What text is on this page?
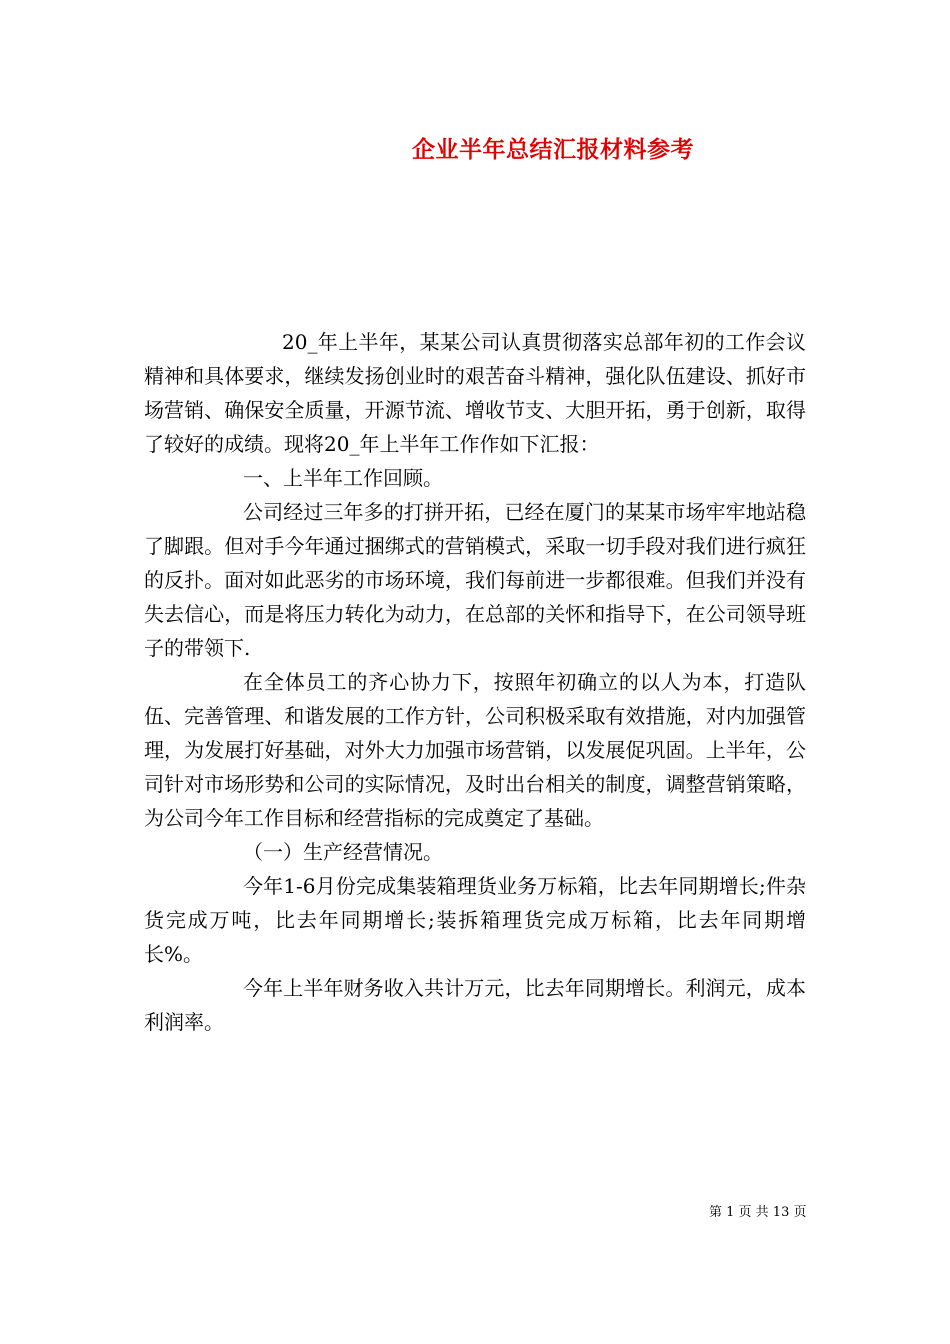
企业半年总结汇报材料参考

20_年上半年，某某公司认真贯彻落实总部年初的工作会议精神和具体要求，继续发扬创业时的艰苦奋斗精神，强化队伍建设、抓好市场营销、确保安全质量，开源节流、增收节支、大胆开拓，勇于创新，取得了较好的成绩。现将20_年上半年工作作如下汇报：

一、上半年工作回顾。

公司经过三年多的打拼开拓，已经在厦门的某某市场牢牢地站稳了脚跟。但对手今年通过捆绑式的营销模式，采取一切手段对我们进行疯狂的反扑。面对如此恶劣的市场环境，我们每前进一步都很难。但我们并没有失去信心，而是将压力转化为动力，在总部的关怀和指导下，在公司领导班子的带领下.

在全体员工的齐心协力下，按照年初确立的以人为本，打造队伍、完善管理、和谐发展的工作方针，公司积极采取有效措施，对内加强管理，为发展打好基础，对外大力加强市场营销，以发展促巩固。上半年，公司针对市场形势和公司的实际情况，及时出台相关的制度，调整营销策略，为公司今年工作目标和经营指标的完成奠定了基础。

（一）生产经营情况。

今年1-6月份完成集装箱理货业务万标箱，比去年同期增长;件杂货完成万吨，比去年同期增长;装拆箱理货完成万标箱，比去年同期增长%。

今年上半年财务收入共计万元，比去年同期增长。利润元，成本利润率。

第 1 页 共 13 页
